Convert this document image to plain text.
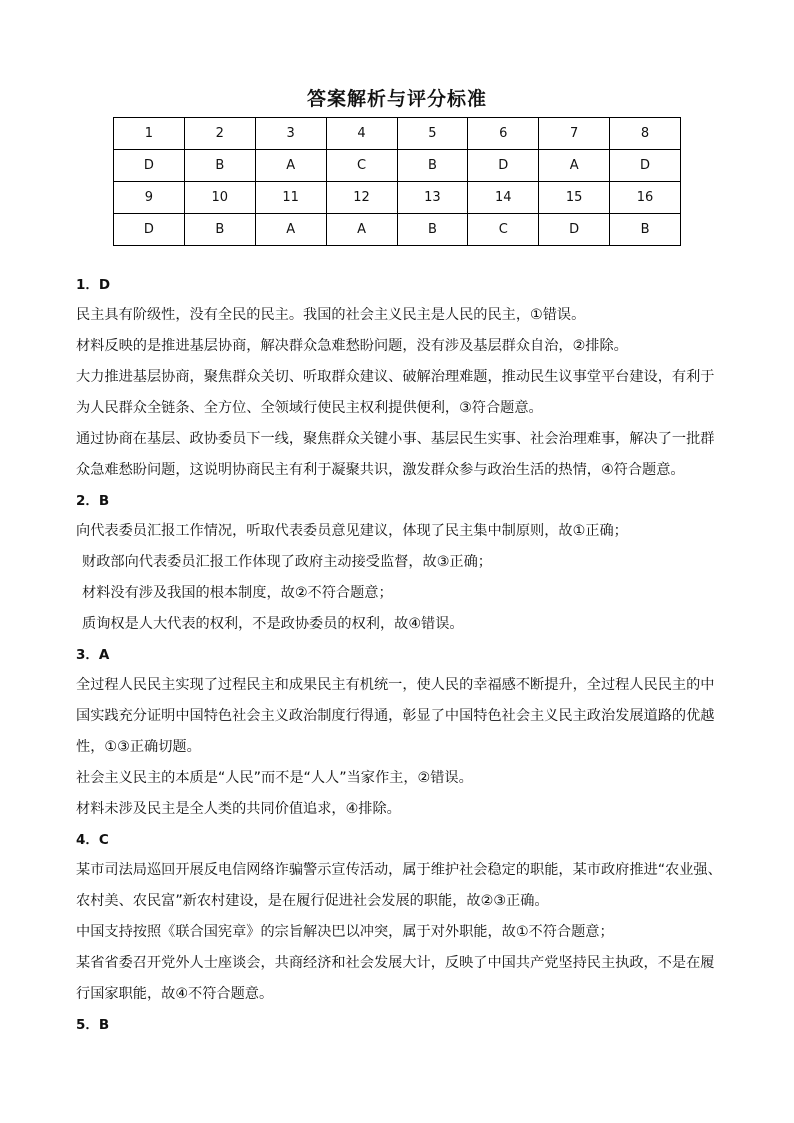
答案解析与评分标准
1	2	3	4	5	6	7	8
D	B	A	C	B	D	A	D
9	10	11	12	13	14	15	16
D	B	A	A	B	C	D	B
1．D

民主具有阶级性，没有全民的民主。我国的社会主义民主是人民的民主，①错误。

材料反映的是推进基层协商，解决群众急难愁盼问题，没有涉及基层群众自治，②排除。

大力推进基层协商，聚焦群众关切、听取群众建议、破解治理难题，推动民生议事堂平台建设，有利于为人民群众全链条、全方位、全领域行使民主权利提供便利，③符合题意。

通过协商在基层、政协委员下一线，聚焦群众关键小事、基层民生实事、社会治理难事，解决了一批群众急难愁盼问题，这说明协商民主有利于凝聚共识，激发群众参与政治生活的热情，④符合题意。

2．B

向代表委员汇报工作情况，听取代表委员意见建议，体现了民主集中制原则，故①正确；

财政部向代表委员汇报工作体现了政府主动接受监督，故③正确；

材料没有涉及我国的根本制度，故②不符合题意；

质询权是人大代表的权利，不是政协委员的权利，故④错误。

3．A

全过程人民民主实现了过程民主和成果民主有机统一，使人民的幸福感不断提升，全过程人民民主的中国实践充分证明中国特色社会主义政治制度行得通，彰显了中国特色社会主义民主政治发展道路的优越性，①③正确切题。

社会主义民主的本质是“人民”而不是“人人”当家作主，②错误。

材料未涉及民主是全人类的共同价值追求，④排除。

4．C

某市司法局巡回开展反电信网络诈骗警示宣传活动，属于维护社会稳定的职能，某市政府推进“农业强、农村美、农民富”新农村建设，是在履行促进社会发展的职能，故②③正确。

中国支持按照《联合国宪章》的宗旨解决巴以冲突，属于对外职能，故①不符合题意；

某省省委召开党外人士座谈会，共商经济和社会发展大计，反映了中国共产党坚持民主执政，不是在履行国家职能，故④不符合题意。

5．B
